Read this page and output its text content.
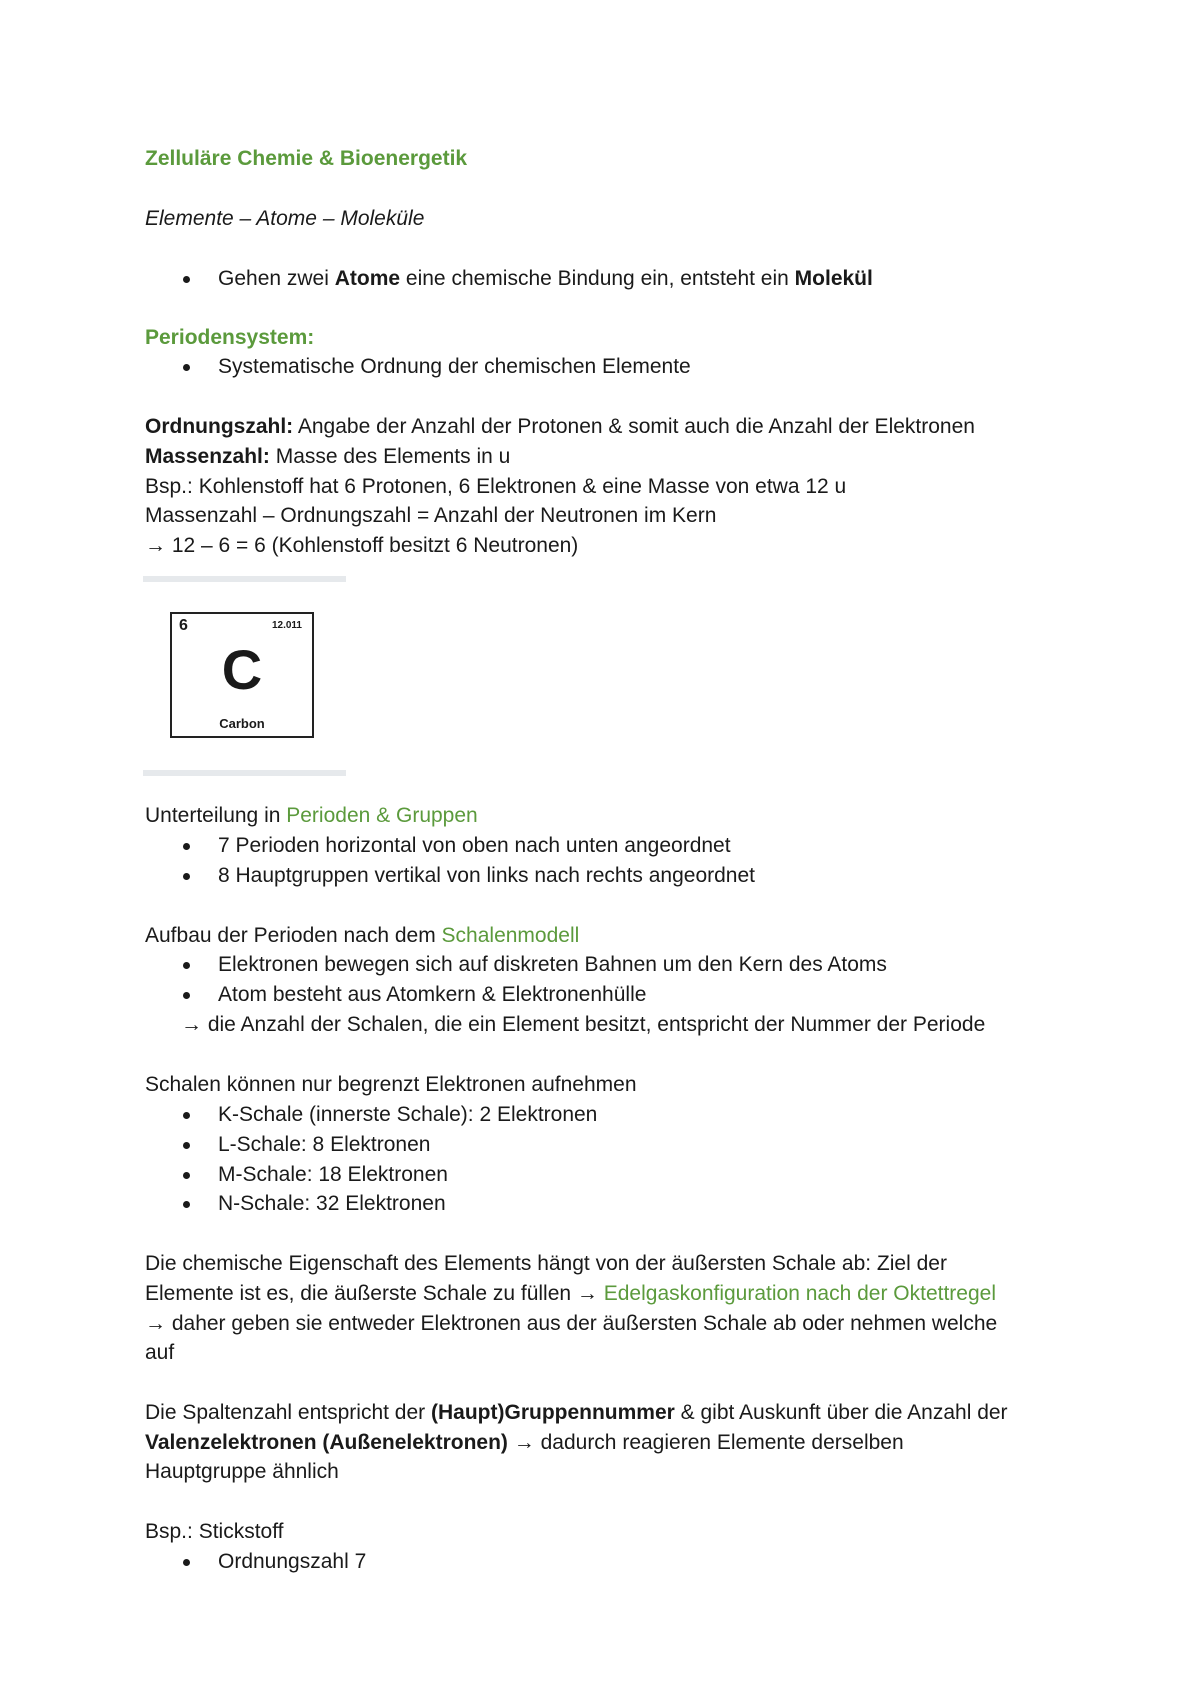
Zelluläre Chemie & Bioenergetik
Elemente – Atome – Moleküle
Gehen zwei Atome eine chemische Bindung ein, entsteht ein Molekül
Periodensystem:
Systematische Ordnung der chemischen Elemente
Ordnungszahl: Angabe der Anzahl der Protonen & somit auch die Anzahl der Elektronen
Massenzahl: Masse des Elements in u
Bsp.: Kohlenstoff hat 6 Protonen, 6 Elektronen & eine Masse von etwa 12 u
Massenzahl – Ordnungszahl = Anzahl der Neutronen im Kern
→ 12 – 6 = 6 (Kohlenstoff besitzt 6 Neutronen)
6	12.011
C
Carbon
Unterteilung in Perioden & Gruppen
7 Perioden horizontal von oben nach unten angeordnet
8 Hauptgruppen vertikal von links nach rechts angeordnet
Aufbau der Perioden nach dem Schalenmodell
Elektronen bewegen sich auf diskreten Bahnen um den Kern des Atoms
Atom besteht aus Atomkern & Elektronenhülle
→ die Anzahl der Schalen, die ein Element besitzt, entspricht der Nummer der Periode
Schalen können nur begrenzt Elektronen aufnehmen
K-Schale (innerste Schale): 2 Elektronen
L-Schale: 8 Elektronen
M-Schale: 18 Elektronen
N-Schale: 32 Elektronen
Die chemische Eigenschaft des Elements hängt von der äußersten Schale ab: Ziel der
Elemente ist es, die äußerste Schale zu füllen → Edelgaskonfiguration nach der Oktettregel
→ daher geben sie entweder Elektronen aus der äußersten Schale ab oder nehmen welche
auf
Die Spaltenzahl entspricht der (Haupt)Gruppennummer & gibt Auskunft über die Anzahl der
Valenzelektronen (Außenelektronen) → dadurch reagieren Elemente derselben
Hauptgruppe ähnlich
Bsp.: Stickstoff
Ordnungszahl 7
